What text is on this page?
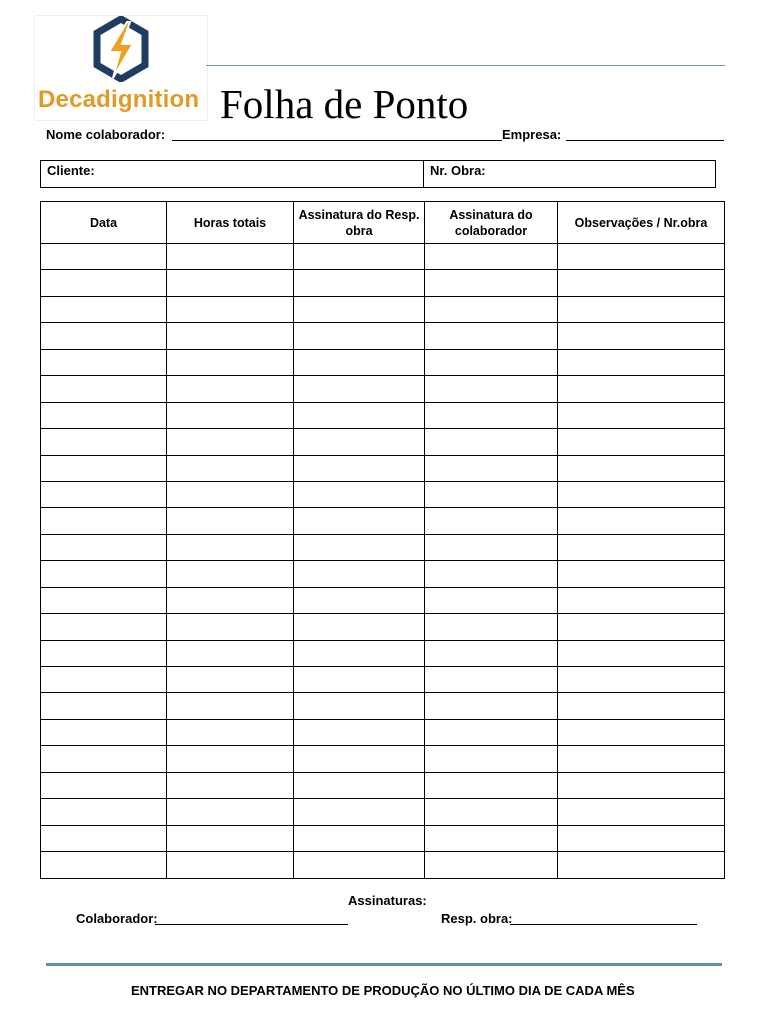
Decadignition Folha de Ponto
Nome colaborador:	Empresa:
Cliente:	Nr. Obra:
Data	Horas totais	Assinatura do Resp. obra	Assinatura do colaborador	Observações / Nr.obra

Assinaturas:
Colaborador:	Resp. obra:
ENTREGAR NO DEPARTAMENTO DE PRODUÇÃO NO ÚLTIMO DIA DE CADA MÊS
